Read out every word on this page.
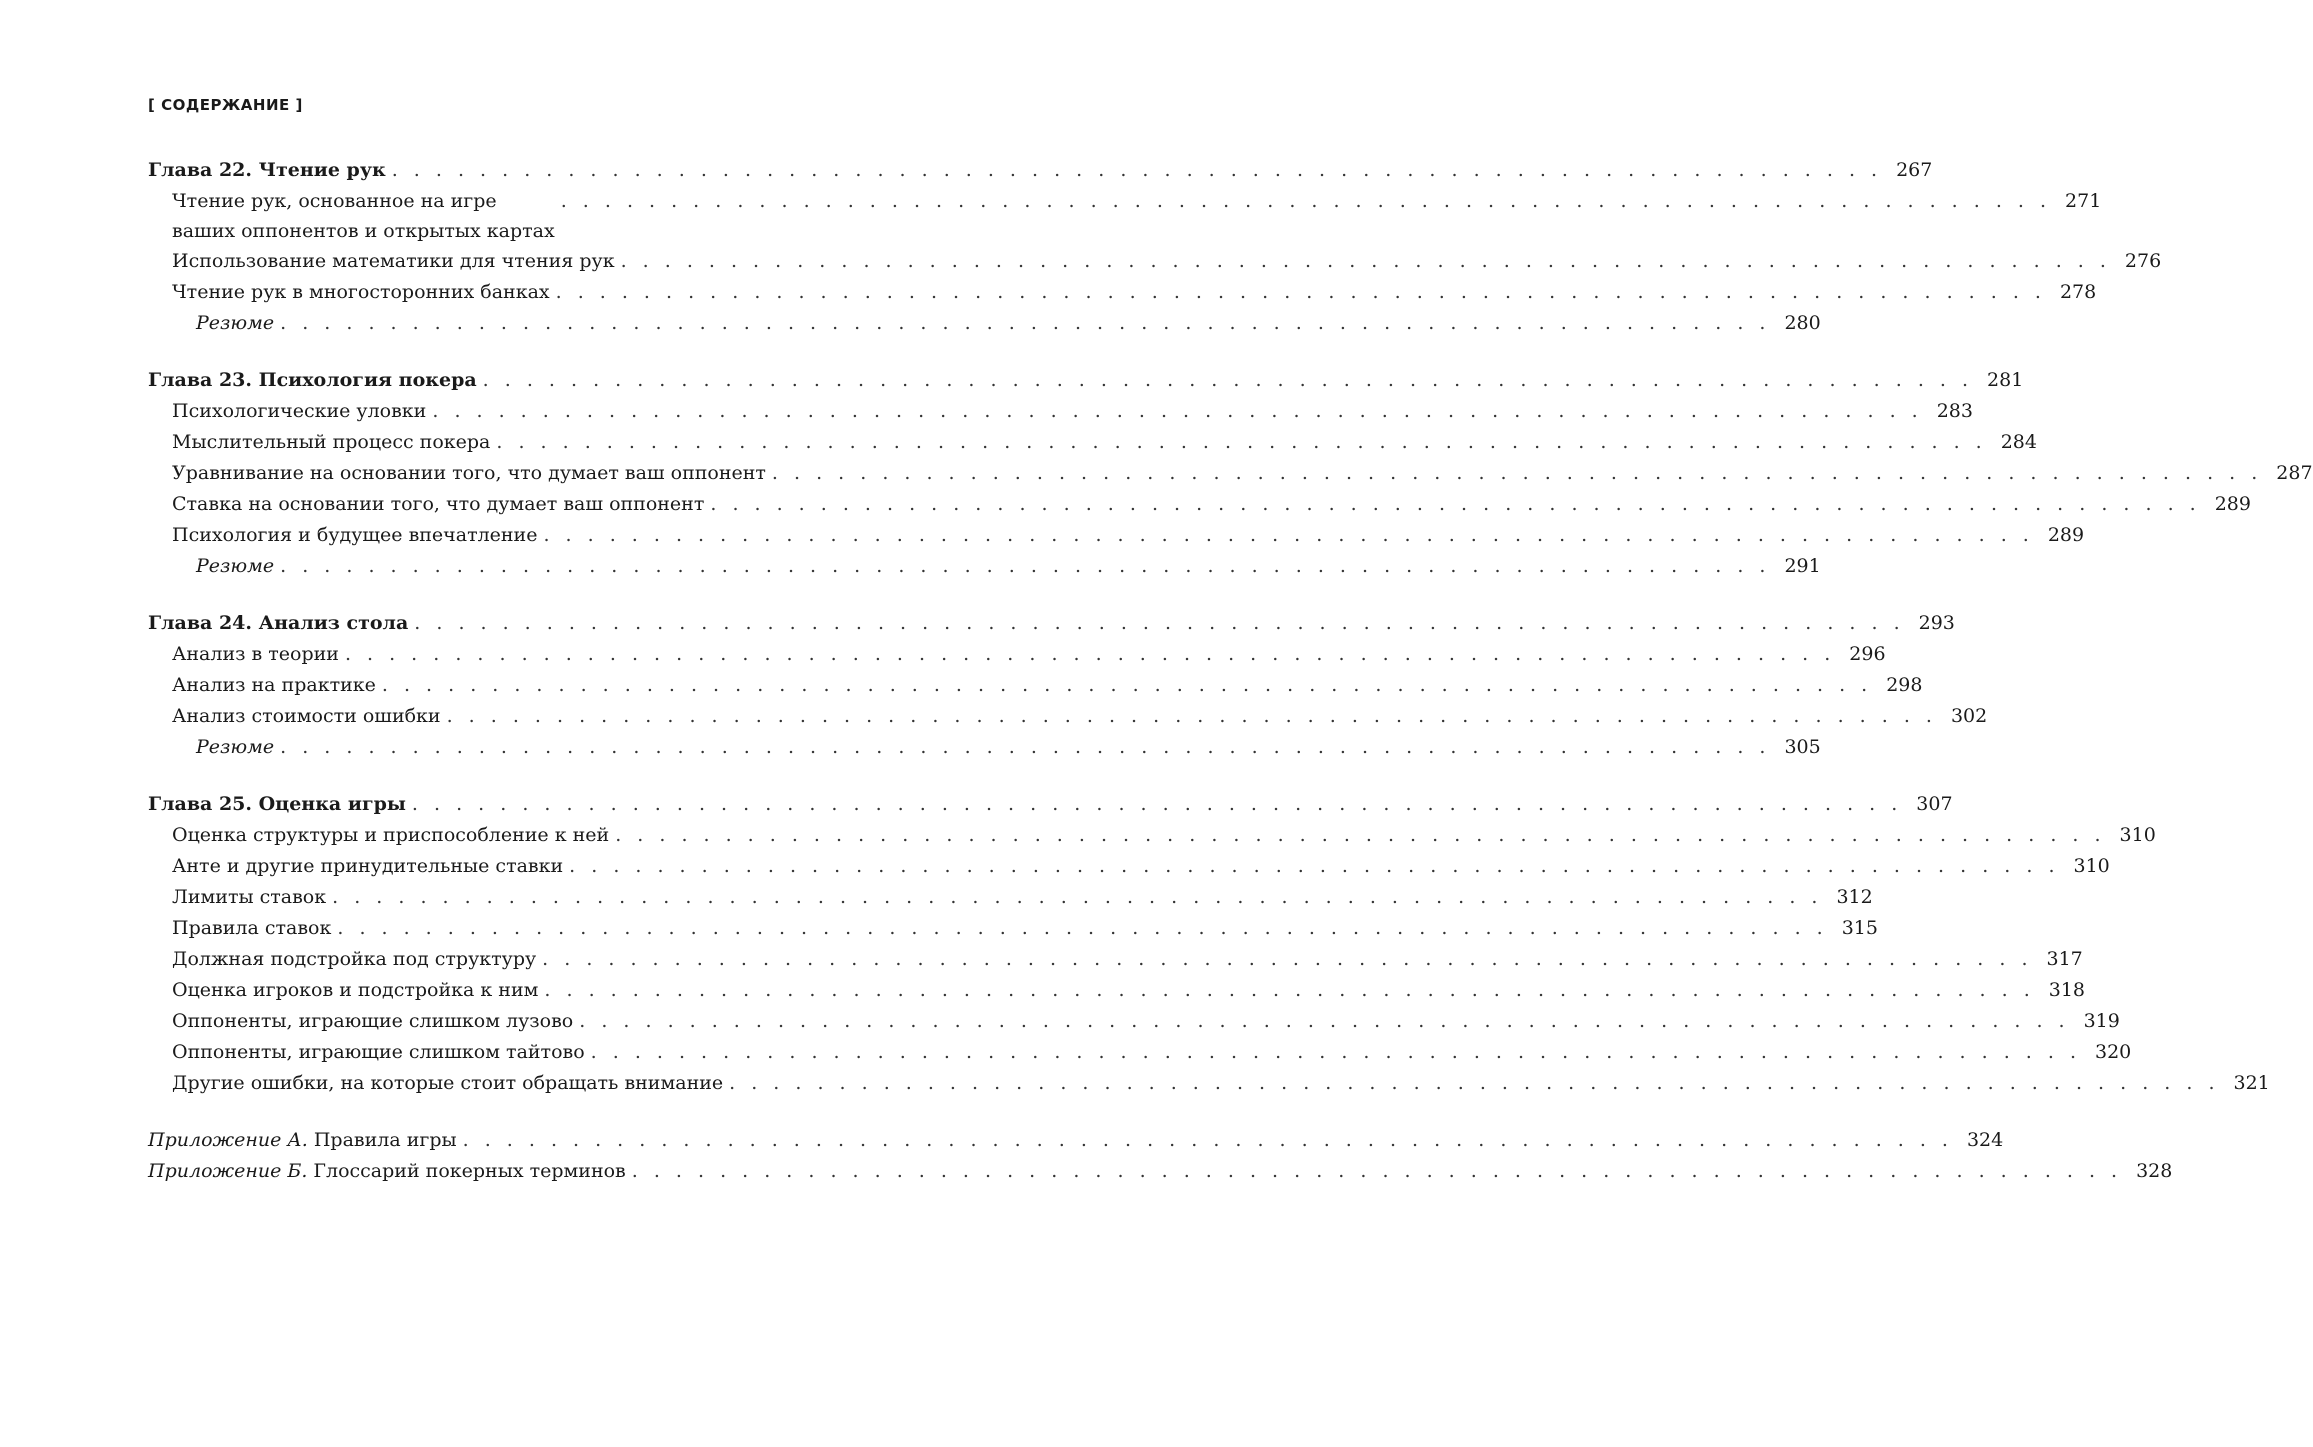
[ СОДЕРЖАНИЕ ]
Глава 22. Чтение рук . . . . . . . . . . . . . . . . . . . . . . . . . . . . . . . . . . . . . . . . . . . . . . . . . . . . . . . . . . . . . . . . . . . . 267
Чтение рук, основанное на игре
ваших оппонентов и открытых картах
. . . . . . . . . . . . . . . . . . . . . . . . . . . . . . . . . . . . . . . . . . . . . . . . . . . . . . . . . . . . . . . . . . . . 271
Использование математики для чтения рук . . . . . . . . . . . . . . . . . . . . . . . . . . . . . . . . . . . . . . . . . . . . . . . . . . . . . . . . . . . . . . . . . . . . 276
Чтение рук в многосторонних банках . . . . . . . . . . . . . . . . . . . . . . . . . . . . . . . . . . . . . . . . . . . . . . . . . . . . . . . . . . . . . . . . . . . . 278
Резюме . . . . . . . . . . . . . . . . . . . . . . . . . . . . . . . . . . . . . . . . . . . . . . . . . . . . . . . . . . . . . . . . . . . . 280
Глава 23. Психология покера . . . . . . . . . . . . . . . . . . . . . . . . . . . . . . . . . . . . . . . . . . . . . . . . . . . . . . . . . . . . . . . . . . . . 281
Психологические уловки . . . . . . . . . . . . . . . . . . . . . . . . . . . . . . . . . . . . . . . . . . . . . . . . . . . . . . . . . . . . . . . . . . . . 283
Мыслительный процесс покера . . . . . . . . . . . . . . . . . . . . . . . . . . . . . . . . . . . . . . . . . . . . . . . . . . . . . . . . . . . . . . . . . . . . 284
Уравнивание на основании того, что думает ваш оппонент . . . . . . . . . . . . . . . . . . . . . . . . . . . . . . . . . . . . . . . . . . . . . . . . . . . . . . . . . . . . . . . . . . . . 287
Ставка на основании того, что думает ваш оппонент . . . . . . . . . . . . . . . . . . . . . . . . . . . . . . . . . . . . . . . . . . . . . . . . . . . . . . . . . . . . . . . . . . . . 289
Психология и будущее впечатление . . . . . . . . . . . . . . . . . . . . . . . . . . . . . . . . . . . . . . . . . . . . . . . . . . . . . . . . . . . . . . . . . . . . 289
Резюме . . . . . . . . . . . . . . . . . . . . . . . . . . . . . . . . . . . . . . . . . . . . . . . . . . . . . . . . . . . . . . . . . . . . 291
Глава 24. Анализ стола . . . . . . . . . . . . . . . . . . . . . . . . . . . . . . . . . . . . . . . . . . . . . . . . . . . . . . . . . . . . . . . . . . . . 293
Анализ в теории . . . . . . . . . . . . . . . . . . . . . . . . . . . . . . . . . . . . . . . . . . . . . . . . . . . . . . . . . . . . . . . . . . . . 296
Анализ на практике . . . . . . . . . . . . . . . . . . . . . . . . . . . . . . . . . . . . . . . . . . . . . . . . . . . . . . . . . . . . . . . . . . . . 298
Анализ стоимости ошибки . . . . . . . . . . . . . . . . . . . . . . . . . . . . . . . . . . . . . . . . . . . . . . . . . . . . . . . . . . . . . . . . . . . . 302
Резюме . . . . . . . . . . . . . . . . . . . . . . . . . . . . . . . . . . . . . . . . . . . . . . . . . . . . . . . . . . . . . . . . . . . . 305
Глава 25. Оценка игры . . . . . . . . . . . . . . . . . . . . . . . . . . . . . . . . . . . . . . . . . . . . . . . . . . . . . . . . . . . . . . . . . . . . 307
Оценка структуры и приспособление к ней . . . . . . . . . . . . . . . . . . . . . . . . . . . . . . . . . . . . . . . . . . . . . . . . . . . . . . . . . . . . . . . . . . . . 310
Анте и другие принудительные ставки . . . . . . . . . . . . . . . . . . . . . . . . . . . . . . . . . . . . . . . . . . . . . . . . . . . . . . . . . . . . . . . . . . . . 310
Лимиты ставок . . . . . . . . . . . . . . . . . . . . . . . . . . . . . . . . . . . . . . . . . . . . . . . . . . . . . . . . . . . . . . . . . . . . 312
Правила ставок . . . . . . . . . . . . . . . . . . . . . . . . . . . . . . . . . . . . . . . . . . . . . . . . . . . . . . . . . . . . . . . . . . . . 315
Должная подстройка под структуру . . . . . . . . . . . . . . . . . . . . . . . . . . . . . . . . . . . . . . . . . . . . . . . . . . . . . . . . . . . . . . . . . . . . 317
Оценка игроков и подстройка к ним . . . . . . . . . . . . . . . . . . . . . . . . . . . . . . . . . . . . . . . . . . . . . . . . . . . . . . . . . . . . . . . . . . . . 318
Оппоненты, играющие слишком лузово . . . . . . . . . . . . . . . . . . . . . . . . . . . . . . . . . . . . . . . . . . . . . . . . . . . . . . . . . . . . . . . . . . . . 319
Оппоненты, играющие слишком тайтово . . . . . . . . . . . . . . . . . . . . . . . . . . . . . . . . . . . . . . . . . . . . . . . . . . . . . . . . . . . . . . . . . . . . 320
Другие ошибки, на которые стоит обращать внимание . . . . . . . . . . . . . . . . . . . . . . . . . . . . . . . . . . . . . . . . . . . . . . . . . . . . . . . . . . . . . . . . . . . . 321
Приложение А. Правила игры . . . . . . . . . . . . . . . . . . . . . . . . . . . . . . . . . . . . . . . . . . . . . . . . . . . . . . . . . . . . . . . . . . . . 324
Приложение Б. Глоссарий покерных терминов . . . . . . . . . . . . . . . . . . . . . . . . . . . . . . . . . . . . . . . . . . . . . . . . . . . . . . . . . . . . . . . . . . . . 328
